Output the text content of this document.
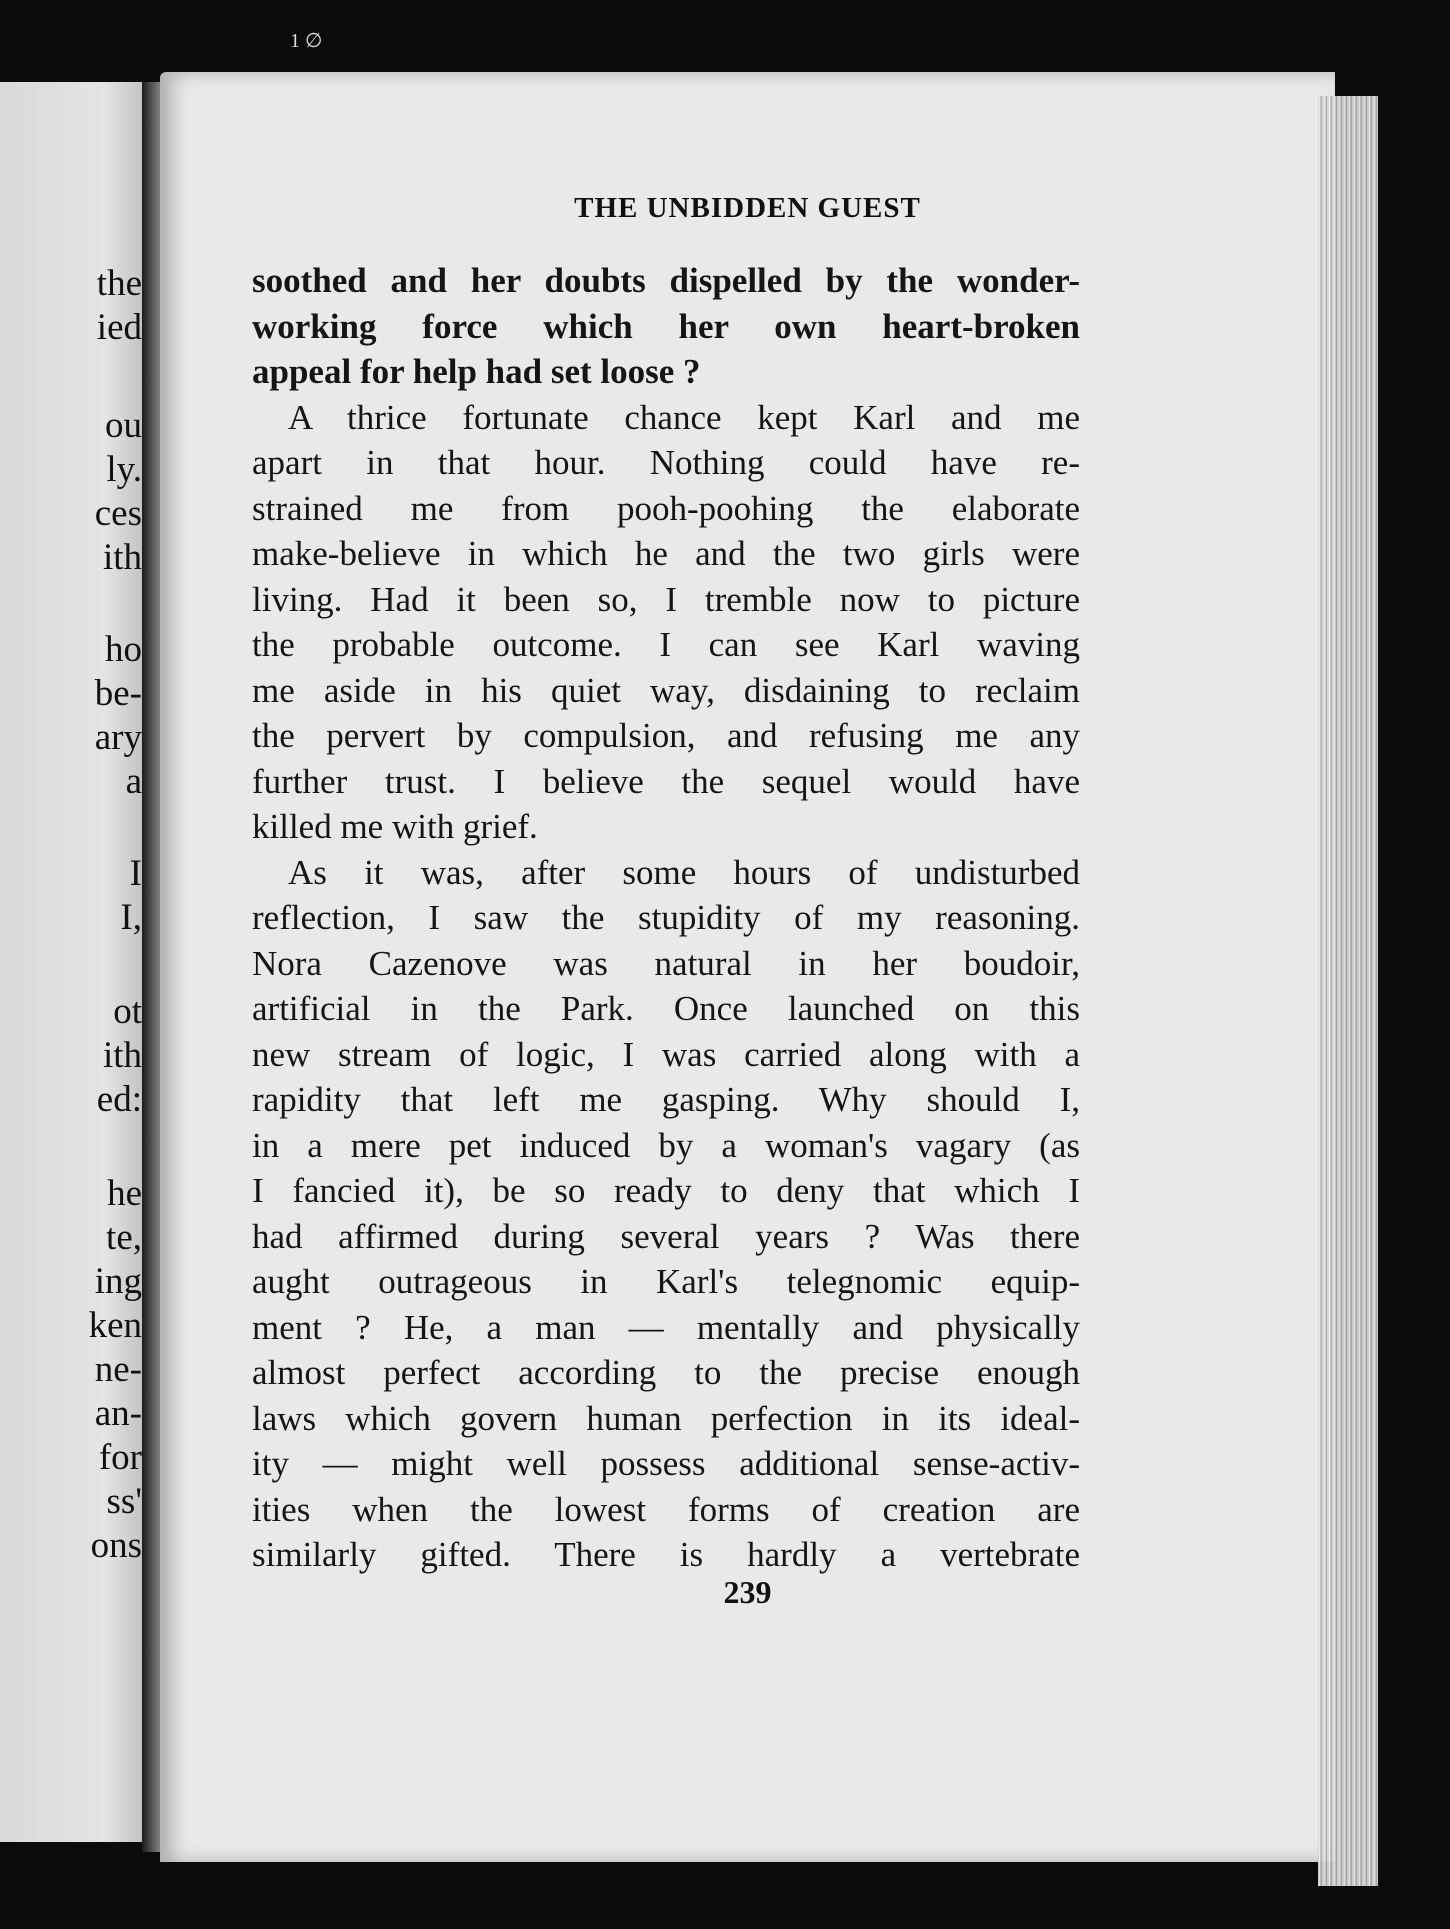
the
ied
ou
ly.
ces
ith
ho
be-
ary
a
I
I,
ot
ith
ed:
he
te,
ing
ken
ne-
an-
for
ss'
ons
1 ∅
THE UNBIDDEN GUEST
soothed and her doubts dispelled by the wonder-
working force which her own heart-broken
appeal for help had set loose ?
A thrice fortunate chance kept Karl and me
apart in that hour. Nothing could have re-
strained me from pooh-poohing the elaborate
make-believe in which he and the two girls were
living. Had it been so, I tremble now to picture
the probable outcome. I can see Karl waving
me aside in his quiet way, disdaining to reclaim
the pervert by compulsion, and refusing me any
further trust. I believe the sequel would have
killed me with grief.
As it was, after some hours of undisturbed
reflection, I saw the stupidity of my reasoning.
Nora Cazenove was natural in her boudoir,
artificial in the Park. Once launched on this
new stream of logic, I was carried along with a
rapidity that left me gasping. Why should I,
in a mere pet induced by a woman's vagary (as
I fancied it), be so ready to deny that which I
had affirmed during several years ? Was there
aught outrageous in Karl's telegnomic equip-
ment ? He, a man — mentally and physically
almost perfect according to the precise enough
laws which govern human perfection in its ideal-
ity — might well possess additional sense-activ-
ities when the lowest forms of creation are
similarly gifted. There is hardly a vertebrate
239
